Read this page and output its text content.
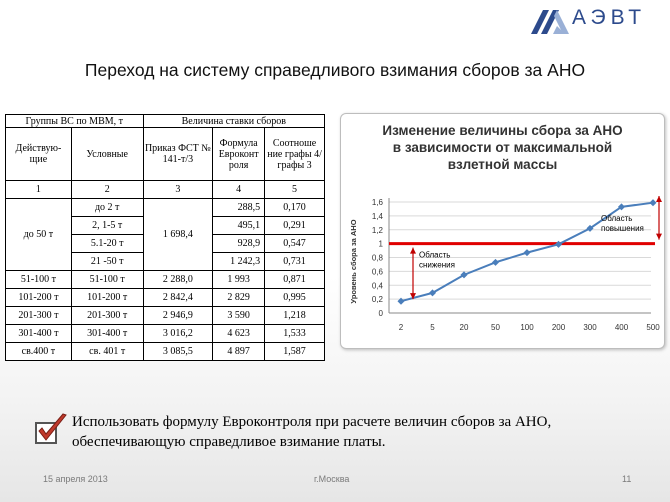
АЭВТ
Переход на систему справедливого взимания сборов за АНО
Группы ВС по МВМ, т		Величина ставки сборов		
Действую-щие	Условные	Приказ ФСТ № 141-т/3	Формула Евроконт роля	Соотноше ние графы 4/графы 3
1	2	3	4	5
до 50 т	до 2 т	1 698,4	288,5	0,170
	2, 1-5 т		495,1	0,291
	5.1-20 т		928,9	0,547
	21 -50 т		1 242,3	0,731
51-100 т	51-100 т	2 288,0	1 993	0,871
101-200 т	101-200 т	2 842,4	2 829	0,995
201-300 т	201-300 т	2 946,9	3 590	1,218
301-400 т	301-400 т	3 016,2	4 623	1,533
св.400 т	св. 401 т	3 085,5	4 897	1,587
Изменение величины сбора за АНО
в зависимости от максимальной
взлетной массы
0
0,2
0,4
0,6
0,8
1
1,2
1,4
1,6
2	5	20	50	100 200 300 400 500
Уровень сбора за АНО	Область
снижения
Область
повышения
Использовать формулу Евроконтроля при расчете величин сборов за АНО, обеспечивающую справедливое взимание платы.
15 апреля 2013	г.Москва	11
